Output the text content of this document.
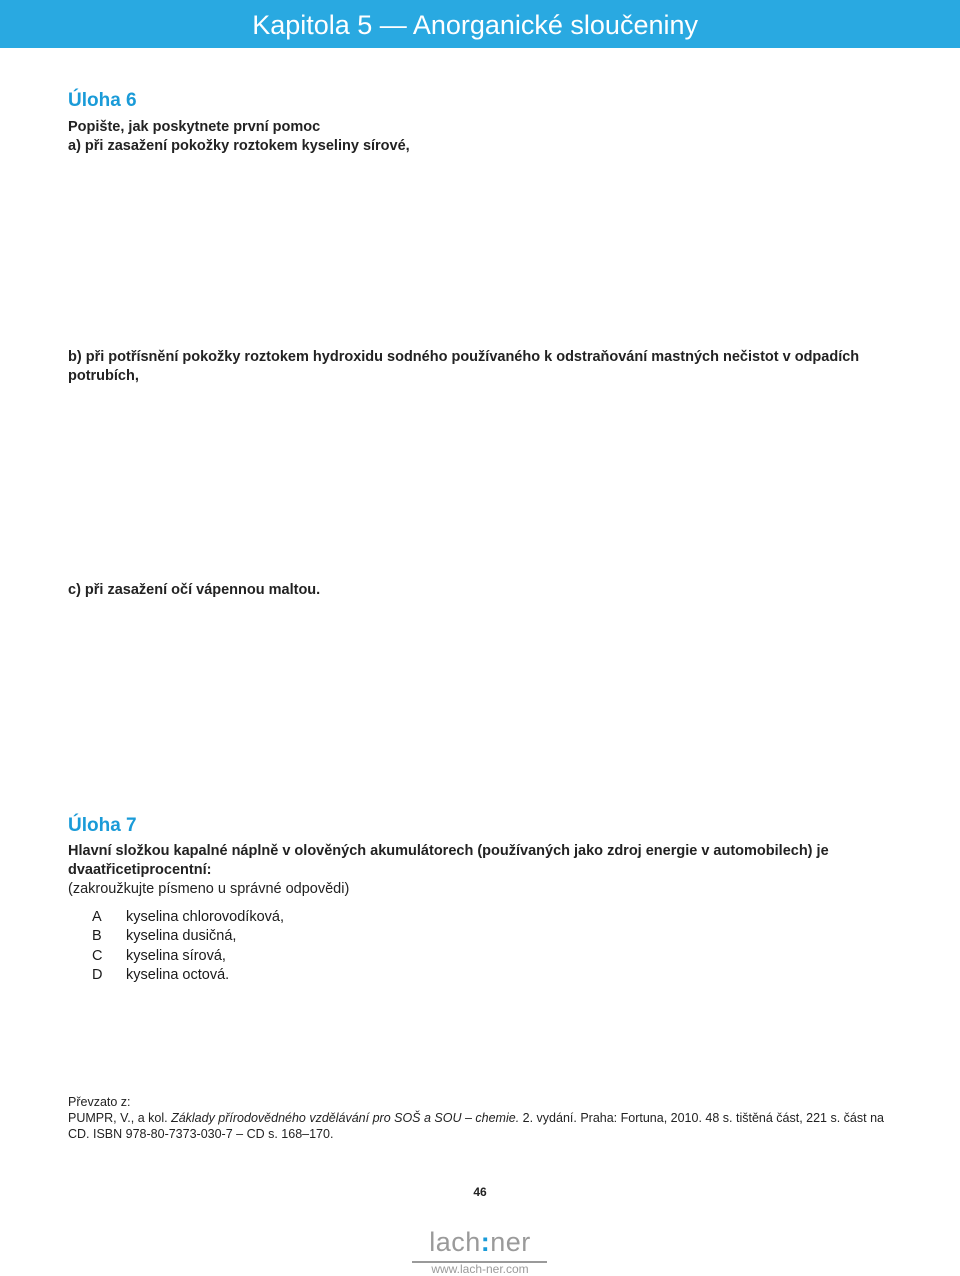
Kapitola 5 — Anorganické sloučeniny
Úloha 6
Popište, jak poskytnete první pomoc
a) při zasažení pokožky roztokem kyseliny sírové,
b) při potřísnění pokožky roztokem hydroxidu sodného používaného k odstraňování mastných nečistot v odpadích potrubích,
c) při zasažení očí vápennou maltou.
Úloha 7
Hlavní složkou kapalné náplně v olověných akumulátorech (používaných jako zdroj energie v automobilech) je dvaatřicetiprocentní:
(zakroužkujte písmeno u správné odpovědi)
A kyselina chlorovodíková,
B kyselina dusičná,
C kyselina sírová,
D kyselina octová.
Převzato z:
PUMPR, V., a kol. Základy přírodovědného vzdělávání pro SOŠ a SOU – chemie. 2. vydání. Praha: Fortuna, 2010. 48 s. tištěná část, 221 s. část na CD. ISBN 978-80-7373-030-7 – CD s. 168–170.
46
lach:ner
www.lach-ner.com
